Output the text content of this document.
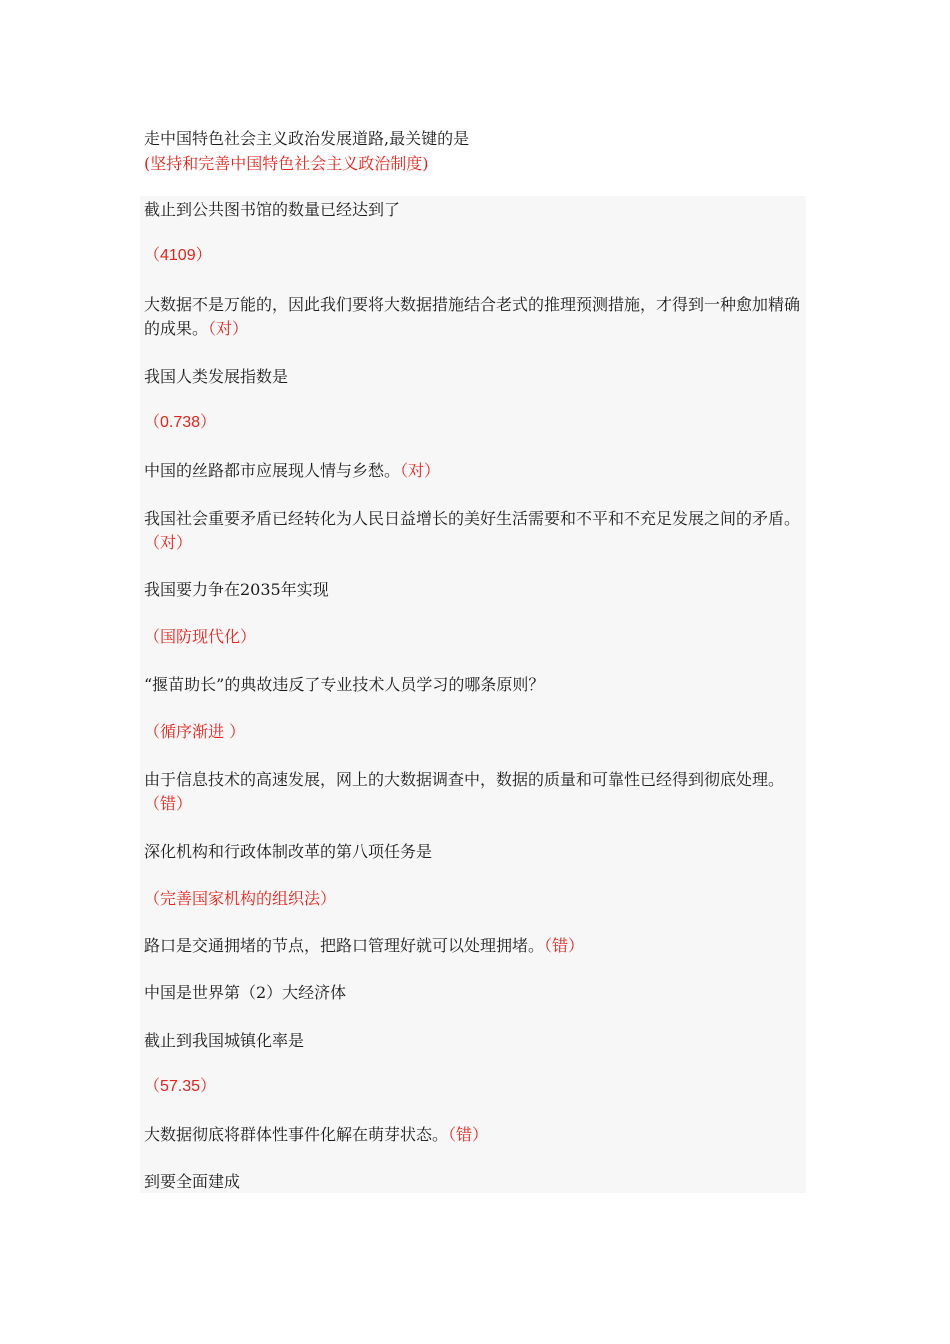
走中国特色社会主义政治发展道路,最关键的是
(坚持和完善中国特色社会主义政治制度)
截止到公共图书馆的数量已经达到了
（4109）
大数据不是万能的，因此我们要将大数据措施结合老式的推理预测措施，才得到一种愈加精确的成果。（对）
我国人类发展指数是
（0.738）
中国的丝路都市应展现人情与乡愁。（对）
我国社会重要矛盾已经转化为人民日益增长的美好生活需要和不平和不充足发展之间的矛盾。（对）
我国要力争在2035年实现
（国防现代化）
“揠苗助长”的典故违反了专业技术人员学习的哪条原则？
（循序渐进 ）
由于信息技术的高速发展，网上的大数据调查中，数据的质量和可靠性已经得到彻底处理。（错）
深化机构和行政体制改革的第八项任务是
（完善国家机构的组织法）
路口是交通拥堵的节点，把路口管理好就可以处理拥堵。（错）
中国是世界第（2）大经济体
截止到我国城镇化率是
（57.35）
大数据彻底将群体性事件化解在萌芽状态。（错）
到要全面建成
